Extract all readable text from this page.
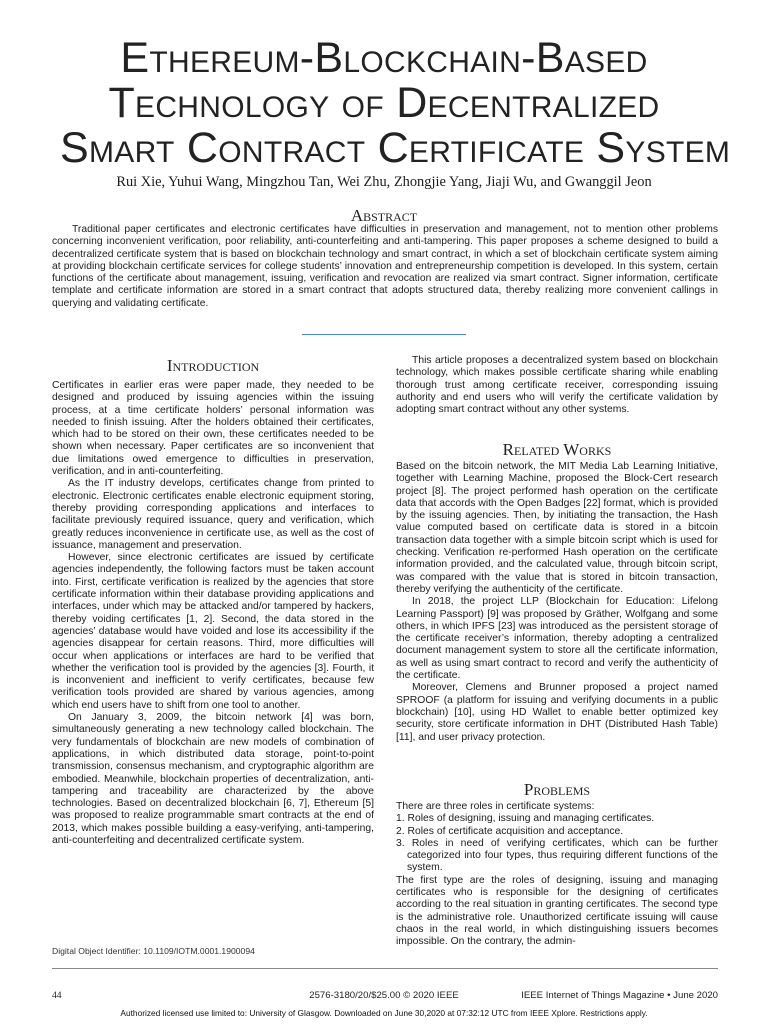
Ethereum-Blockchain-Based
Technology of Decentralized
Smart Contract Certificate System
Rui Xie, Yuhui Wang, Mingzhou Tan, Wei Zhu, Zhongjie Yang, Jiaji Wu, and Gwanggil Jeon
Abstract
Traditional paper certificates and electronic certificates have difficulties in preservation and management, not to mention other problems concerning inconvenient verification, poor reliability, anti-counterfeiting and anti-tampering. This paper proposes a scheme designed to build a decentralized certificate system that is based on blockchain technology and smart contract, in which a set of blockchain certificate system aiming at providing blockchain certificate services for college students’ innovation and entrepreneurship competition is developed. In this system, certain functions of the certificate about management, issuing, verification and revocation are realized via smart contract. Signer information, certificate template and certificate information are stored in a smart contract that adopts structured data, thereby realizing more convenient callings in querying and validating certificate.
Introduction

Certificates in earlier eras were paper made, they needed to be designed and produced by issuing agencies within the issuing process, at a time certificate holders’ personal information was needed to finish issuing. After the holders obtained their certificates, which had to be stored on their own, these certificates needed to be shown when necessary. Paper certificates are so inconvenient that due limitations owed emergence to difficulties in preservation, verification, and in anti-counterfeiting.

As the IT industry develops, certificates change from printed to electronic. Electronic certificates enable electronic equipment storing, thereby providing corresponding applications and interfaces to facilitate previously required issuance, query and verification, which greatly reduces inconvenience in certificate use, as well as the cost of issuance, management and preservation.

However, since electronic certificates are issued by certificate agencies independently, the following factors must be taken account into. First, certificate verification is realized by the agencies that store certificate information within their database providing applications and interfaces, under which may be attacked and/or tampered by hackers, thereby voiding certificates [1, 2]. Second, the data stored in the agencies’ database would have voided and lose its accessibility if the agencies disappear for certain reasons. Third, more difficulties will occur when applications or interfaces are hard to be verified that whether the verification tool is provided by the agencies [3]. Fourth, it is inconvenient and inefficient to verify certificates, because few verification tools provided are shared by various agencies, among which end users have to shift from one tool to another.

On January 3, 2009, the bitcoin network [4] was born, simultaneously generating a new technology called blockchain. The very fundamentals of blockchain are new models of combination of applications, in which distributed data storage, point-to-point transmission, consensus mechanism, and cryptographic algorithm are embodied. Meanwhile, blockchain properties of decentralization, anti-tampering and traceability are characterized by the above technologies. Based on decentralized blockchain [6, 7], Ethereum [5] was proposed to realize programmable smart contracts at the end of 2013, which makes possible building a easy-verifying, anti-tampering, anti-counterfeiting and decentralized certificate system.

Digital Object Identifier: 10.1109/IOTM.0001.1900094

This article proposes a decentralized system based on blockchain technology, which makes possible certificate sharing while enabling thorough trust among certificate receiver, corresponding issuing authority and end users who will verify the certificate validation by adopting smart contract without any other systems.

Related Works

Based on the bitcoin network, the MIT Media Lab Learning Initiative, together with Learning Machine, proposed the Block-Cert research project [8]. The project performed hash operation on the certificate data that accords with the Open Badges [22] format, which is provided by the issuing agencies. Then, by initiating the transaction, the Hash value computed based on certificate data is stored in a bitcoin transaction data together with a simple bitcoin script which is used for checking. Verification re-performed Hash operation on the certificate information provided, and the calculated value, through bitcoin script, was compared with the value that is stored in bitcoin transaction, thereby verifying the authenticity of the certificate.

In 2018, the project LLP (Blockchain for Education: Lifelong Learning Passport) [9] was proposed by Gräther, Wolfgang and some others, in which IPFS [23] was introduced as the persistent storage of the certificate receiver’s information, thereby adopting a centralized document management system to store all the certificate information, as well as using smart contract to record and verify the authenticity of the certificate.

Moreover, Clemens and Brunner proposed a project named SPROOF (a platform for issuing and verifying documents in a public blockchain) [10], using HD Wallet to enable better optimized key security, store certificate information in DHT (Distributed Hash Table) [11], and user privacy protection.

Problems

There are three roles in certificate systems:

1. Roles of designing, issuing and managing certificates.
2. Roles of certificate acquisition and acceptance.
3. Roles in need of verifying certificates, which can be further categorized into four types, thus requiring different functions of the system.

The first type are the roles of designing, issuing and managing certificates who is responsible for the designing of certificates according to the real situation in granting certificates. The second type is the administrative role. Unauthorized certificate issuing will cause chaos in the real world, in which distinguishing issuers becomes impossible. On the contrary, the admin-

44	2576-3180/20/$25.00 © 2020 IEEE	IEEE Internet of Things Magazine • June 2020
Authorized licensed use limited to: University of Glasgow. Downloaded on June 30,2020 at 07:32:12 UTC from IEEE Xplore. Restrictions apply.
